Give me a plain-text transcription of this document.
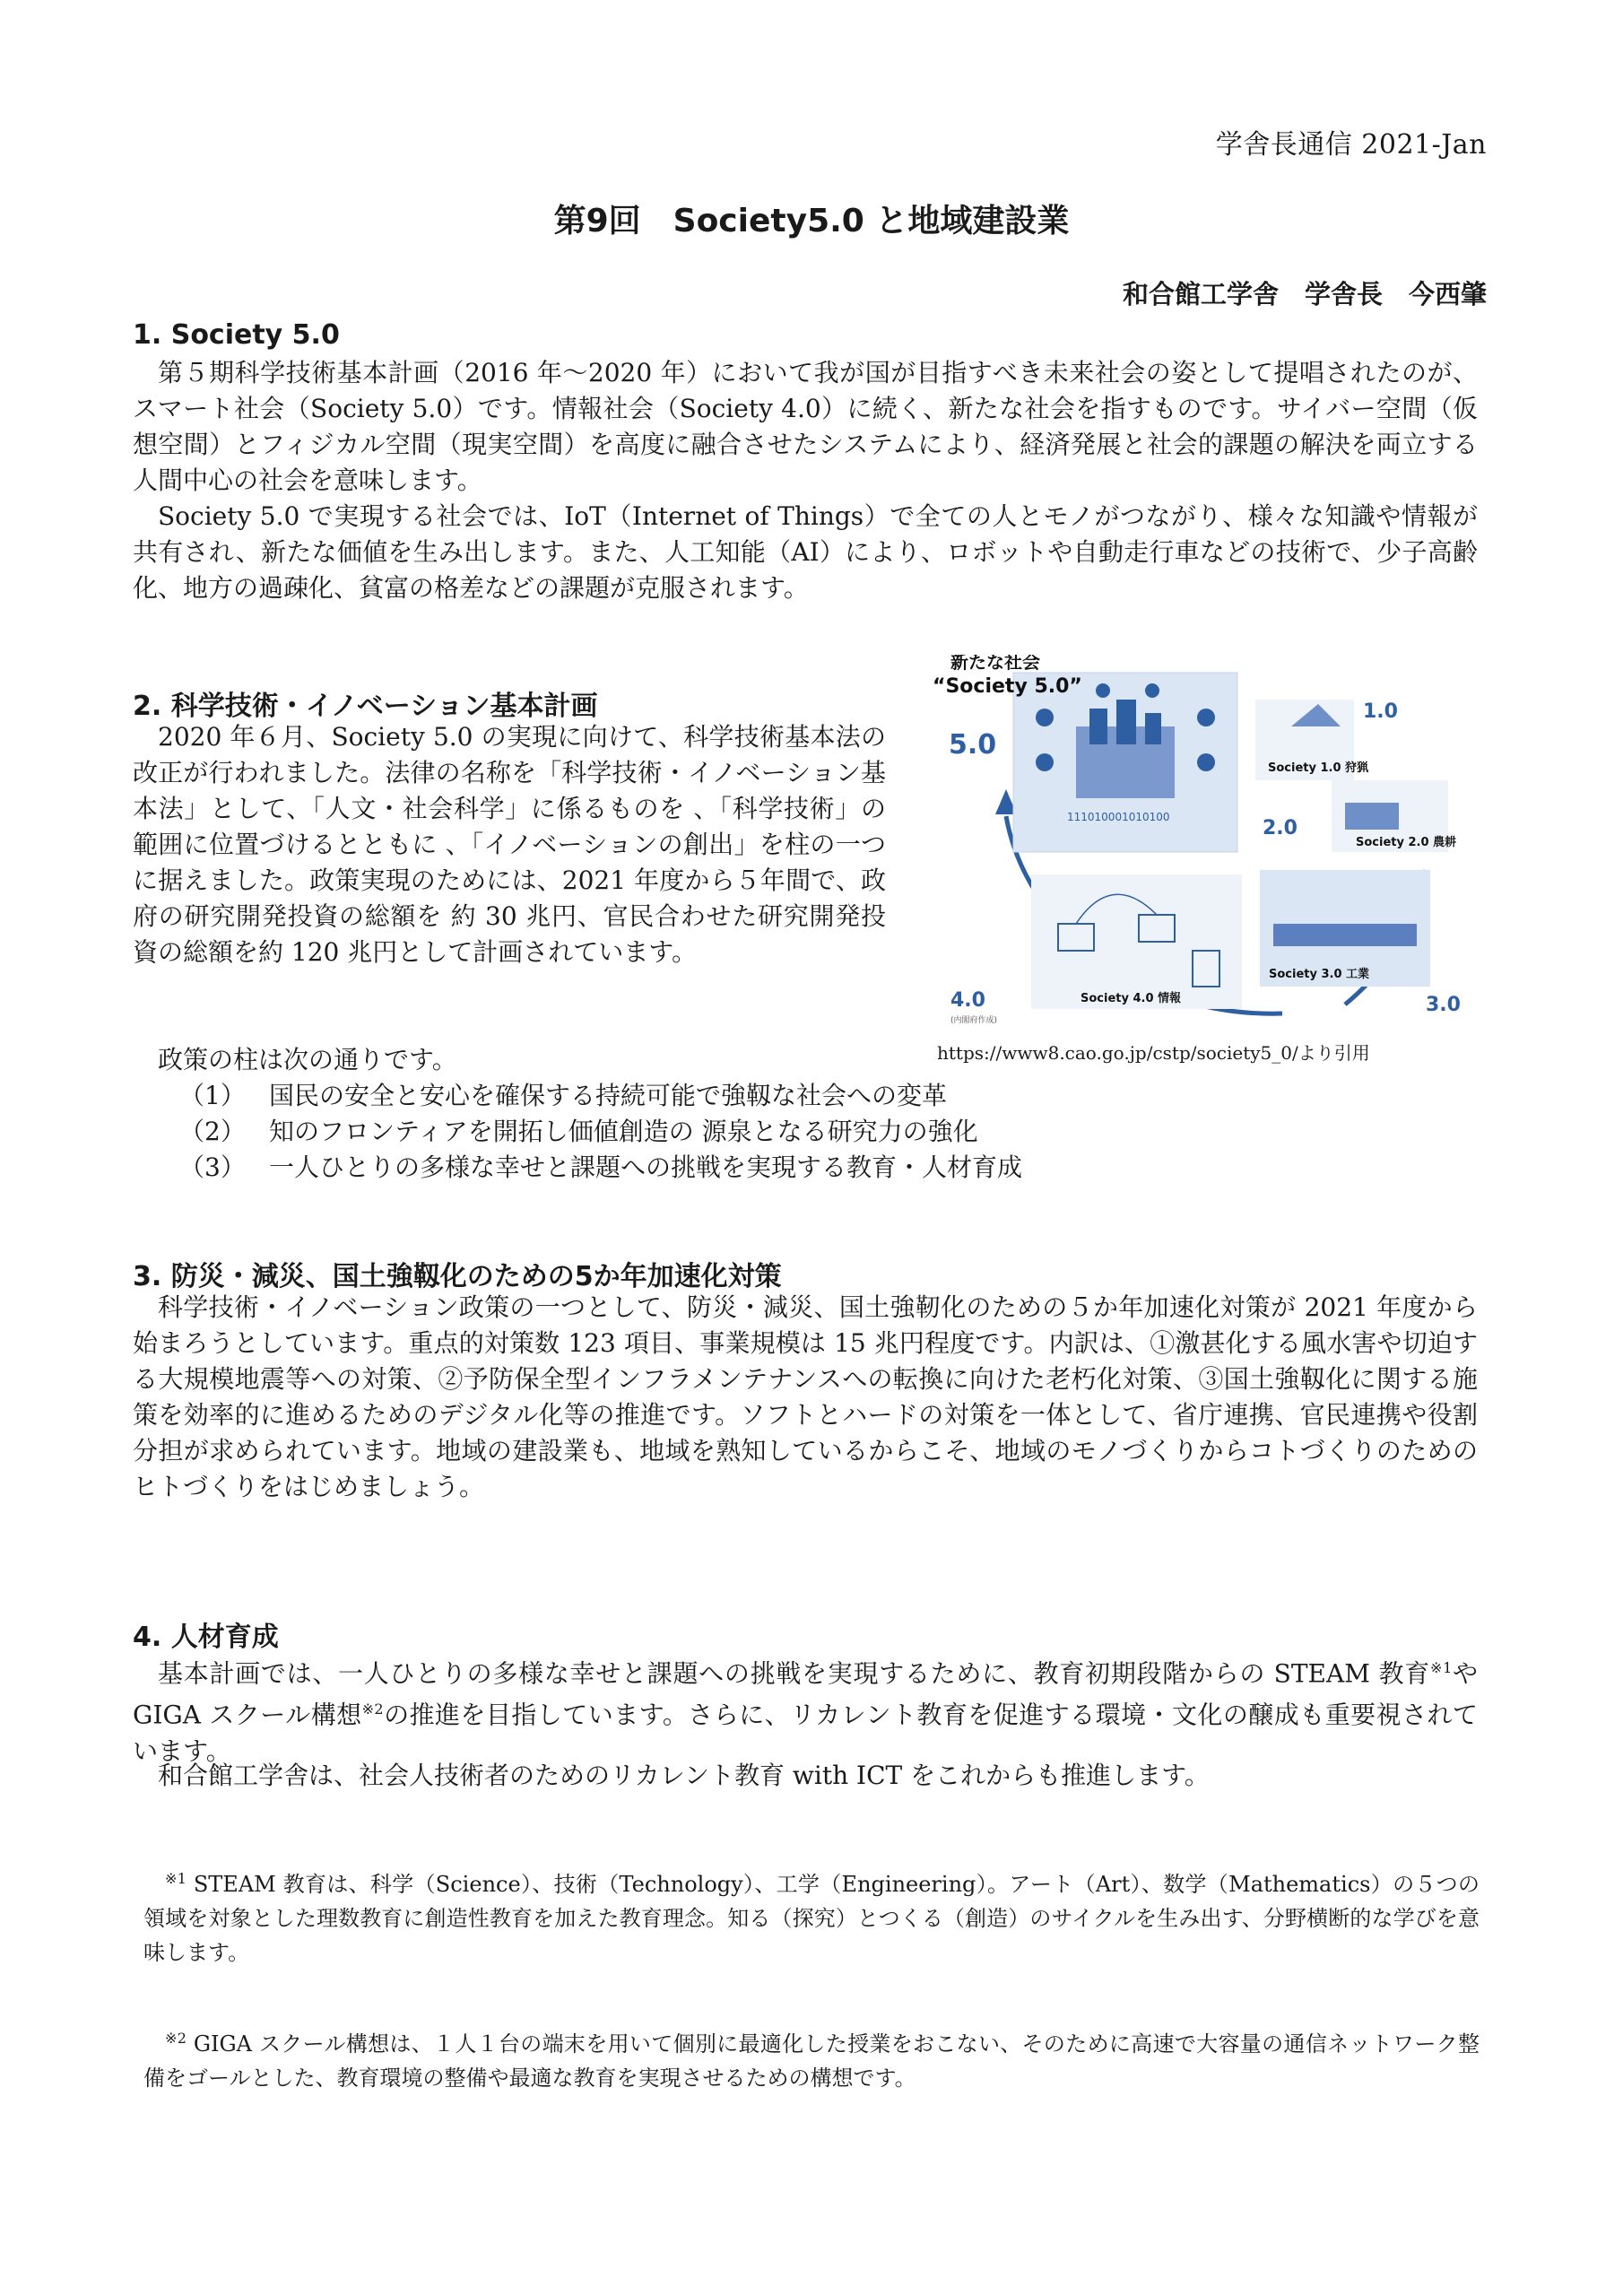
学舎長通信 2021-Jan
第9回　Society5.0 と地域建設業
和合館工学舎　学舎長　今西肇
1. Society 5.0

第５期科学技術基本計画（2016 年〜2020 年）において我が国が目指すべき未来社会の姿として提唱されたのが、スマート社会（Society 5.0）です。情報社会（Society 4.0）に続く、新たな社会を指すものです。サイバー空間（仮想空間）とフィジカル空間（現実空間）を高度に融合させたシステムにより、経済発展と社会的課題の解決を両立する人間中心の社会を意味します。

Society 5.0 で実現する社会では、IoT（Internet of Things）で全ての人とモノがつながり、様々な知識や情報が共有され、新たな価値を生み出します。また、人工知能（AI）により、ロボットや自動走行車などの技術で、少子高齢化、地方の過疎化、貧富の格差などの課題が克服されます。

2. 科学技術・イノベーション基本計画

2020 年６月、Society 5.0 の実現に向けて、科学技術基本法の改正が行われました。法律の名称を「科学技術・イノベーション基本法」として、「人文・社会科学」に係るものを 、「科学技術」の範囲に位置づけるとともに 、「イノベーションの創出」を柱の一つに据えました。政策実現のためには、2021 年度から５年間で、政府の研究開発投資の総額を 約 30 兆円、官民合わせた研究開発投資の総額を約 120 兆円として計画されています。

政策の柱は次の通りです。

（1） 国民の安全と安心を確保する持続可能で強靱な社会への変革
（2） 知のフロンティアを開拓し価値創造の 源泉となる研究力の強化
（3） 一人ひとりの多様な幸せと課題への挑戦を実現する教育・人材育成
111010001010100
新たな社会
“Society 5.0”
5.0
1.0
Society 1.0 狩猟
2.0
Society 2.0 農耕
Society 3.0 工業
3.0
Society 4.0 情報
4.0
(内閣府作成)
https://www8.cao.go.jp/cstp/society5_0/より引用
3. 防災・減災、国土強靱化のための5か年加速化対策

科学技術・イノベーション政策の一つとして、防災・減災、国土強靭化のための５か年加速化対策が 2021 年度から始まろうとしています。重点的対策数 123 項目、事業規模は 15 兆円程度です。内訳は、①激甚化する風水害や切迫する大規模地震等への対策、②予防保全型インフラメンテナンスへの転換に向けた老朽化対策、③国土強靱化に関する施策を効率的に進めるためのデジタル化等の推進です。ソフトとハードの対策を一体として、省庁連携、官民連携や役割分担が求められています。地域の建設業も、地域を熟知しているからこそ、地域のモノづくりからコトづくりのためのヒトづくりをはじめましょう。

4. 人材育成

基本計画では、一人ひとりの多様な幸せと課題への挑戦を実現するために、教育初期段階からの STEAM 教育$^{※1}$や GIGA スクール構想$^{※2}$の推進を目指しています。さらに、リカレント教育を促進する環境・文化の醸成も重要視されています。

和合館工学舎は、社会人技術者のためのリカレント教育 with ICT をこれからも推進します。

$^{※1}$ STEAM 教育は、科学（Science）、技術（Technology）、工学（Engineering）。アート（Art）、数学（Mathematics）の５つの領域を対象とした理数教育に創造性教育を加えた教育理念。知る（探究）とつくる（創造）のサイクルを生み出す、分野横断的な学びを意味します。

$^{※2}$ GIGA スクール構想は、１人１台の端末を用いて個別に最適化した授業をおこない、そのために高速で大容量の通信ネットワーク整備をゴールとした、教育環境の整備や最適な教育を実現させるための構想です。
